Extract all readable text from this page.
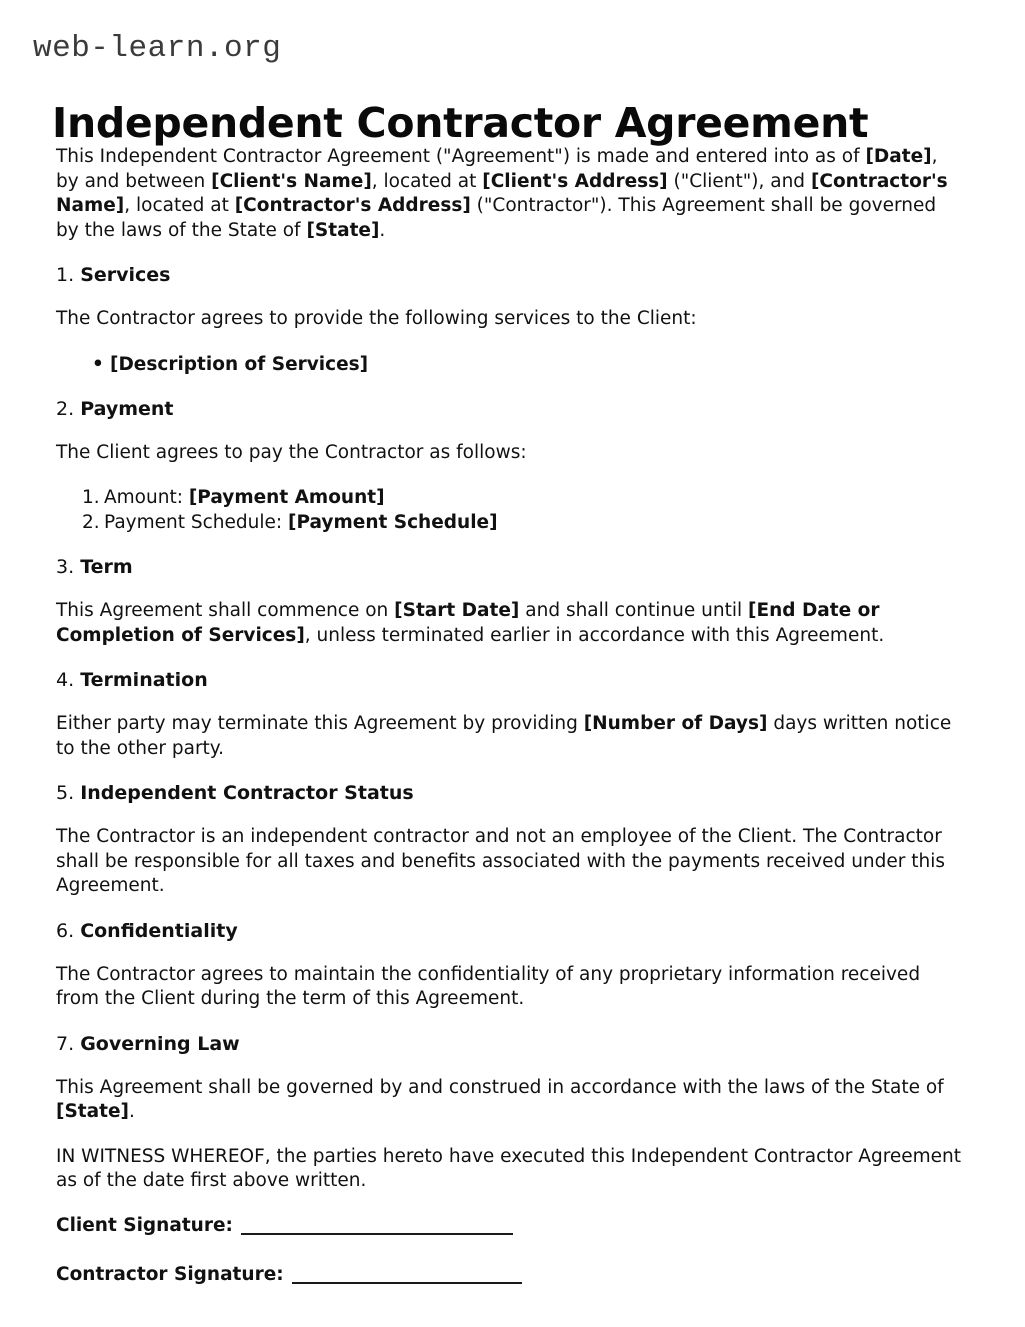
web-learn.org
Independent Contractor Agreement

This Independent Contractor Agreement ("Agreement") is made and entered into as of [Date], by and between [Client's Name], located at [Client's Address] ("Client"), and [Contractor's Name], located at [Contractor's Address] ("Contractor"). This Agreement shall be governed by the laws of the State of [State].

1. Services

The Contractor agrees to provide the following services to the Client:

• [Description of Services]

2. Payment

The Client agrees to pay the Contractor as follows:

Amount: [Payment Amount]
Payment Schedule: [Payment Schedule]

3. Term

This Agreement shall commence on [Start Date] and shall continue until [End Date or Completion of Services], unless terminated earlier in accordance with this Agreement.

4. Termination

Either party may terminate this Agreement by providing [Number of Days] days written notice to the other party.

5. Independent Contractor Status

The Contractor is an independent contractor and not an employee of the Client. The Contractor shall be responsible for all taxes and benefits associated with the payments received under this Agreement.

6. Confidentiality

The Contractor agrees to maintain the confidentiality of any proprietary information received from the Client during the term of this Agreement.

7. Governing Law

This Agreement shall be governed by and construed in accordance with the laws of the State of [State].

IN WITNESS WHEREOF, the parties hereto have executed this Independent Contractor Agreement as of the date first above written.

Client Signature:

Contractor Signature:
